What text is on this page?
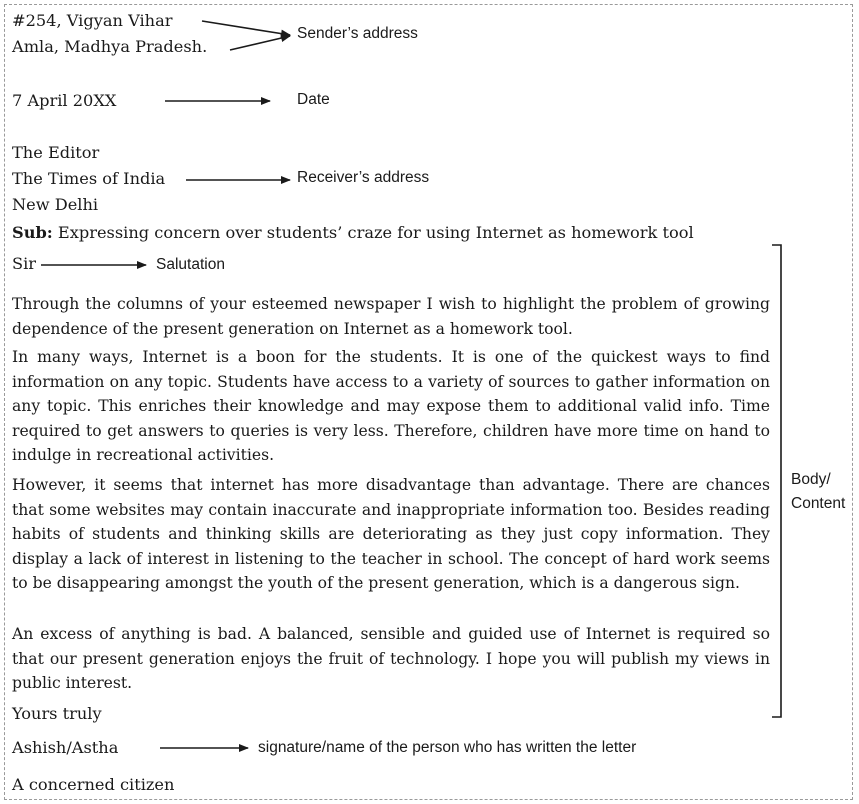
#254, Vigyan Vihar
Amla, Madhya Pradesh.
Sender’s address
7 April 20XX	Date
The Editor
The Times of India
New Delhi
Receiver’s address
Sub: Expressing concern over students’ craze for using Internet as homework tool
Sir	Salutation
Through the columns of your esteemed newspaper I wish to highlight the problem of growing dependence of the present generation on Internet as a homework tool.
In many ways, Internet is a boon for the students. It is one of the quickest ways to find information on any topic. Students have access to a variety of sources to gather information on any topic. This enriches their knowledge and may expose them to additional valid info. Time required to get answers to queries is very less. Therefore, children have more time on hand to indulge in recreational activities.
However, it seems that internet has more disadvantage than advantage. There are chances that some websites may contain inaccurate and inappropriate information too. Besides reading habits of students and thinking skills are deteriorating as they just copy information. They display a lack of interest in listening to the teacher in school. The concept of hard work seems to be disappearing amongst the youth of the present generation, which is a dangerous sign.
An excess of anything is bad. A balanced, sensible and guided use of Internet is required so that our present generation enjoys the fruit of technology. I hope you will publish my views in public interest.
Body/
Content
Yours truly
Ashish/Astha	signature/name of the person who has written the letter
A concerned citizen
